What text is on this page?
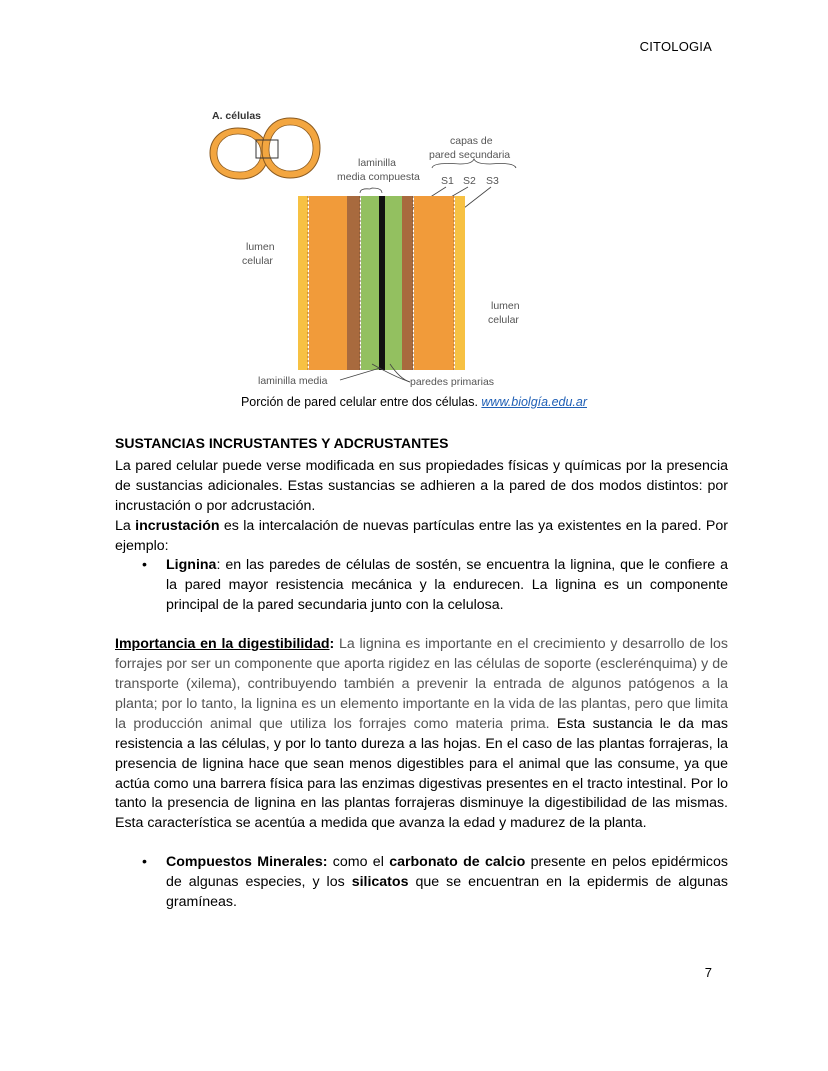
CITOLOGIA
A. células
capas de
pared secundaria
laminilla
media compuesta S1 S2 S3
lumen
celular
lumen
celular
laminilla media	paredes primarias
Porción de pared celular entre dos células. www.biolgía.edu.ar
SUSTANCIAS INCRUSTANTES Y ADCRUSTANTES

La pared celular puede verse modificada en sus propiedades físicas y químicas por la presencia de sustancias adicionales. Estas sustancias se adhieren a la pared de dos modos distintos: por incrustación o por adcrustación.

La incrustación es la intercalación de nuevas partículas entre las ya existentes en la pared. Por ejemplo:

• Lignina: en las paredes de células de sostén, se encuentra la lignina, que le confiere a la pared mayor resistencia mecánica y la endurecen. La lignina es un componente principal de la pared secundaria junto con la celulosa.

Importancia en la digestibilidad: La lignina es importante en el crecimiento y desarrollo de los forrajes por ser un componente que aporta rigidez en las células de soporte (esclerénquima) y de transporte (xilema), contribuyendo también a prevenir la entrada de algunos patógenos a la planta; por lo tanto, la lignina es un elemento importante en la vida de las plantas, pero que limita la producción animal que utiliza los forrajes como materia prima. Esta sustancia le da mas resistencia a las células, y por lo tanto dureza a las hojas. En el caso de las plantas forrajeras, la presencia de lignina hace que sean menos digestibles para el animal que las consume, ya que actúa como una barrera física para las enzimas digestivas presentes en el tracto intestinal. Por lo tanto la presencia de lignina en las plantas forrajeras disminuye la digestibilidad de las mismas. Esta característica se acentúa a medida que avanza la edad y madurez de la planta.

• Compuestos Minerales: como el carbonato de calcio presente en pelos epidérmicos de algunas especies, y los silicatos que se encuentran en la epidermis de algunas gramíneas.
7
